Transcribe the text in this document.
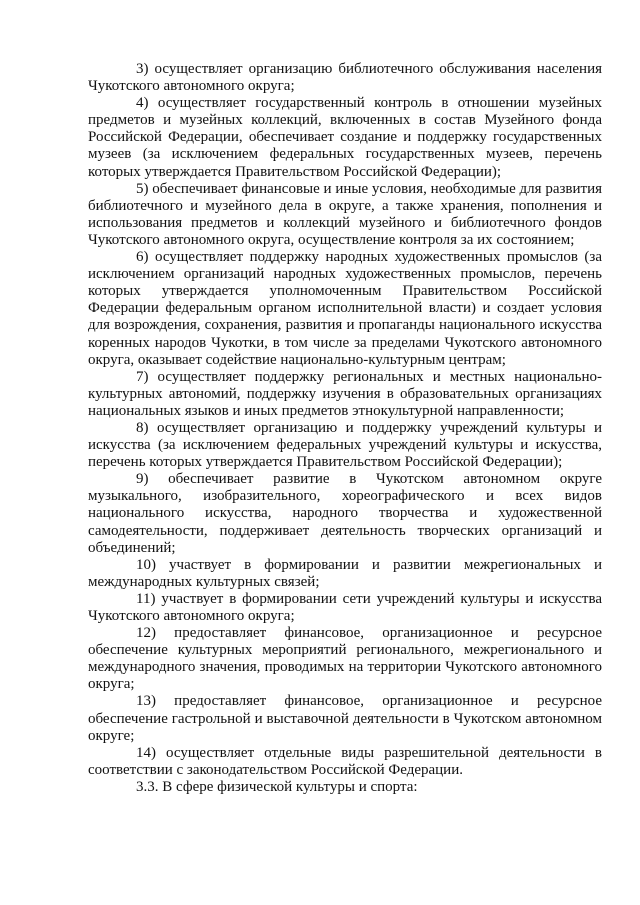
3) осуществляет организацию библиотечного обслуживания населения Чукотского автономного округа;

4) осуществляет государственный контроль в отношении музейных предметов и музейных коллекций, включенных в состав Музейного фонда Российской Федерации, обеспечивает создание и поддержку государственных музеев (за исключением федеральных государственных музеев, перечень которых утверждается Правительством Российской Федерации);

5) обеспечивает финансовые и иные условия, необходимые для развития библиотечного и музейного дела в округе, а также хранения, пополнения и использования предметов и коллекций музейного и библиотечного фондов Чукотского автономного округа, осуществление контроля за их состоянием;

6) осуществляет поддержку народных художественных промыслов (за исключением организаций народных художественных промыслов, перечень которых утверждается уполномоченным Правительством Российской Федерации федеральным органом исполнительной власти) и создает условия для возрождения, сохранения, развития и пропаганды национального искусства коренных народов Чукотки, в том числе за пределами Чукотского автономного округа, оказывает содействие национально-культурным центрам;

7) осуществляет поддержку региональных и местных национально-культурных автономий, поддержку изучения в образовательных организациях национальных языков и иных предметов этнокультурной направленности;

8) осуществляет организацию и поддержку учреждений культуры и искусства (за исключением федеральных учреждений культуры и искусства, перечень которых утверждается Правительством Российской Федерации);

9) обеспечивает развитие в Чукотском автономном округе музыкального, изобразительного, хореографического и всех видов национального искусства, народного творчества и художественной самодеятельности, поддерживает деятельность творческих организаций и объединений;

10) участвует в формировании и развитии межрегиональных и международных культурных связей;

11) участвует в формировании сети учреждений культуры и искусства Чукотского автономного округа;

12) предоставляет финансовое, организационное и ресурсное обеспечение культурных мероприятий регионального, межрегионального и международного значения, проводимых на территории Чукотского автономного округа;

13) предоставляет финансовое, организационное и ресурсное обеспечение гастрольной и выставочной деятельности в Чукотском автономном округе;

14) осуществляет отдельные виды разрешительной деятельности в соответствии с законодательством Российской Федерации.

3.3. В сфере физической культуры и спорта:
